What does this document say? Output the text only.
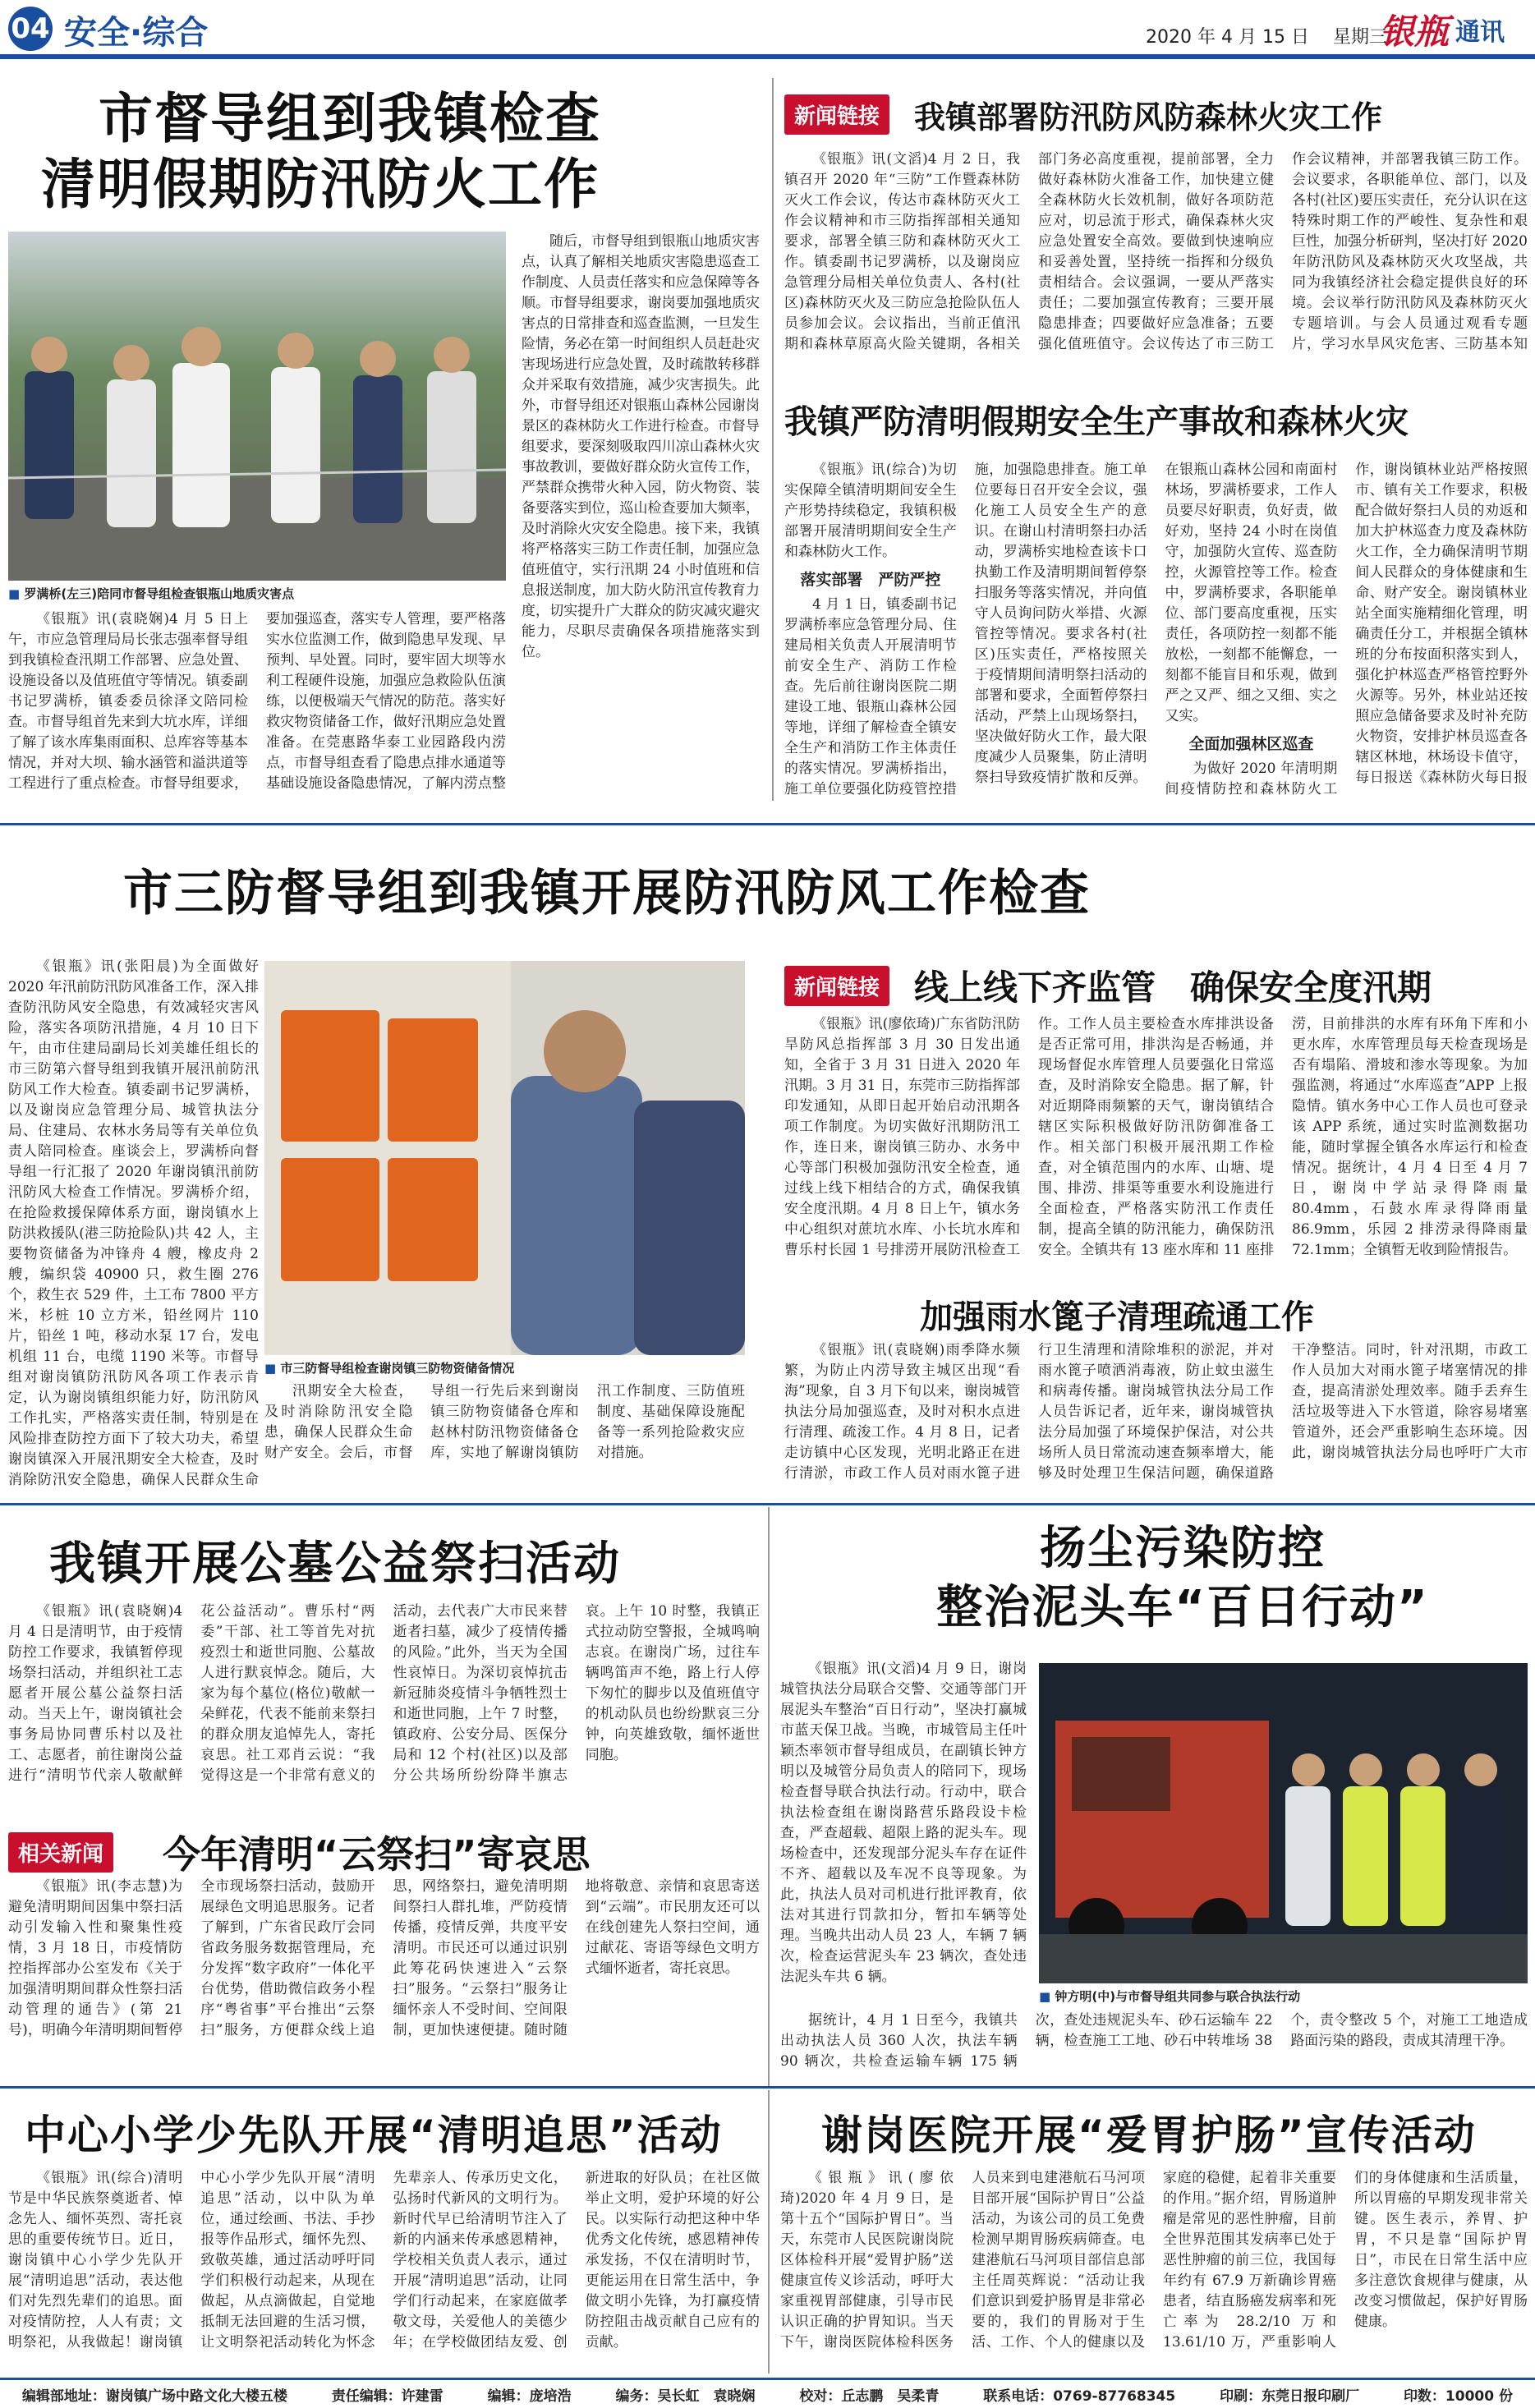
04 安全·综合	2020 年 4 月 15 日　 星期三
银瓶 通讯
市督导组到我镇检查
清明假期防汛防火工作
■ 罗满桥(左三)陪同市督导组检查银瓶山地质灾害点

《银瓶》讯(袁晓娴)4 月 5 日上午，市应急管理局局长张志强率督导组到我镇检查汛期工作部署、应急处置、设施设备以及值班值守等情况。镇委副书记罗满桥，镇委委员徐泽文陪同检查。市督导组首先来到大坑水库，详细了解了该水库集雨面积、总库容等基本情况，并对大坝、输水涵管和溢洪道等工程进行了重点检查。市督导组要求，要加强巡查，落实专人管理，要严格落实水位监测工作，做到隐患早发现、早预判、早处置。同时，要牢固大坝等水利工程硬件设施，加强应急救险队伍演练，以便极端天气情况的防范。落实好救灾物资储备工作，做好汛期应急处置准备。在莞惠路华泰工业园路段内涝点，市督导组查看了隐患点排水通道等基础设施设备隐患情况，了解内涝点整

随后，市督导组到银瓶山地质灾害点，认真了解相关地质灾害隐患巡查工作制度、人员责任落实和应急保障等各顺。市督导组要求，谢岗要加强地质灾害点的日常排查和巡查监测，一旦发生险情，务必在第一时间组织人员赶赴灾害现场进行应急处置，及时疏散转移群众并采取有效措施，减少灾害损失。此外，市督导组还对银瓶山森林公园谢岗景区的森林防火工作进行检查。市督导组要求，要深刻吸取四川凉山森林火灾事故教训，要做好群众防火宣传工作，严禁群众携带火种入园，防火物资、装备要落实到位，巡山检查要加大频率，及时消除火灾安全隐患。接下来，我镇将严格落实三防工作责任制，加强应急值班值守，实行汛期 24 小时值班和信息报送制度，加大防火防汛宣传教育力度，切实提升广大群众的防灾减灾避灾能力，尽职尽责确保各项措施落实到位。

新闻链接	我镇部署防汛防风防森林火灾工作

《银瓶》讯(文滔)4 月 2 日，我镇召开 2020 年“三防”工作暨森林防灭火工作会议，传达市森林防灭火工作会议精神和市三防指挥部相关通知要求，部署全镇三防和森林防灭火工作。镇委副书记罗满桥，以及谢岗应急管理分局相关单位负责人、各村(社区)森林防灭火及三防应急抢险队伍人员参加会议。会议指出，当前正值汛期和森林草原高火险关键期，各相关部门务必高度重视，提前部署，全力做好森林防火准备工作，加快建立健全森林防火长效机制，做好各项防范应对，切忌流于形式，确保森林火灾应急处置安全高效。要做到快速响应和妥善处置，坚持统一指挥和分级负责相结合。会议强调，一要从严落实责任；二要加强宣传教育；三要开展隐患排查；四要做好应急准备；五要强化值班值守。会议传达了市三防工作会议精神，并部署我镇三防工作。会议要求，各职能单位、部门，以及各村(社区)要压实责任，充分认识在这特殊时期工作的严峻性、复杂性和艰巨性，加强分析研判，坚决打好 2020 年防汛防风及森林防灭火攻坚战，共同为我镇经济社会稳定提供良好的环境。会议举行防汛防风及森林防灭火专题培训。与会人员通过观看专题片，学习水旱风灾危害、三防基本知

我镇严防清明假期安全生产事故和森林火灾

《银瓶》讯(综合)为切实保障全镇清明期间安全生产形势持续稳定，我镇积极部署开展清明期间安全生产和森林防火工作。

落实部署　严防严控

4 月 1 日，镇委副书记罗满桥率应急管理分局、住建局相关负责人开展清明节前安全生产、消防工作检查。先后前往谢岗医院二期建设工地、银瓶山森林公园等地，详细了解检查全镇安全生产和消防工作主体责任的落实情况。罗满桥指出，施工单位要强化防疫管控措施，加强隐患排查。施工单位要每日召开安全会议，强化施工人员安全生产的意识。在谢山村清明祭扫办活动，罗满桥实地检查该卡口执勤工作及清明期间暂停祭扫服务等落实情况，并向值守人员询问防火举措、火源管控等情况。要求各村(社区)压实责任，严格按照关于疫情期间清明祭扫活动的部署和要求，全面暂停祭扫活动，严禁上山现场祭扫，坚决做好防火工作，最大限度减少人员聚集，防止清明祭扫导致疫情扩散和反弹。在银瓶山森林公园和南面村林场，罗满桥要求，工作人员要尽好职责，负好责，做好劝，坚持 24 小时在岗值守，加强防火宣传、巡查防控，火源管控等工作。检查中，罗满桥要求，各职能单位、部门要高度重视，压实责任，各项防控一刻都不能放松，一刻都不能懈怠，一刻都不能盲目和乐观，做到严之又严、细之又细、实之又实。

全面加强林区巡查

为做好 2020 年清明期间疫情防控和森林防火工作，谢岗镇林业站严格按照市、镇有关工作要求，积极配合做好祭扫人员的劝返和加大护林巡查力度及森林防火工作，全力确保清明节期间人民群众的身体健康和生命、财产安全。谢岗镇林业站全面实施精细化管理，明确责任分工，并根据全镇林班的分布按面积落实到人，强化护林巡查严格管控野外火源等。另外，林业站还按照应急储备要求及时补充防火物资，安排护林员巡查各辖区林地，林场设卡值守，每日报送《森林防火每日报

市三防督导组到我镇开展防汛防风工作检查

《银瓶》讯(张阳晨)为全面做好 2020 年汛前防汛防风准备工作，深入排查防汛防风安全隐患，有效减轻灾害风险，落实各项防汛措施，4 月 10 日下午，由市住建局副局长刘美雄任组长的市三防第六督导组到我镇开展汛前防汛防风工作大检查。镇委副书记罗满桥，以及谢岗应急管理分局、城管执法分局、住建局、农林水务局等有关单位负责人陪同检查。座谈会上，罗满桥向督导组一行汇报了 2020 年谢岗镇汛前防汛防风大检查工作情况。罗满桥介绍，在抢险救援保障体系方面，谢岗镇水上防洪救援队(港三防抢险队)共 42 人，主要物资储备为冲锋舟 4 艘，橡皮舟 2 艘，编织袋 40900 只，救生圈 276 个，救生衣 529 件，土工布 7800 平方米，杉桩 10 立方米，铅丝网片 110 片，铅丝 1 吨，移动水泵 17 台，发电机组 11 台，电缆 1190 米等。市督导组对谢岗镇防汛防风各项工作表示肯定，认为谢岗镇组织能力好，防汛防风工作扎实，严格落实责任制，特别是在风险排查防控方面下了较大功夫，希望谢岗镇深入开展汛期安全大检查，及时消除防汛安全隐患，确保人民群众生命

■ 市三防督导组检查谢岗镇三防物资储备情况

汛期安全大检查，及时消除防汛安全隐患，确保人民群众生命财产安全。会后，市督导组一行先后来到谢岗镇三防物资储备仓库和赵林村防汛物资储备仓库，实地了解谢岗镇防汛工作制度、三防值班制度、基础保障设施配备等一系列抢险救灾应对措施。

新闻链接 线上线下齐监管　确保安全度汛期

《银瓶》讯(廖依琦)广东省防汛防旱防风总指挥部 3 月 30 日发出通知，全省于 3 月 31 日进入 2020 年汛期。3 月 31 日，东莞市三防指挥部印发通知，从即日起开始启动汛期各项工作制度。为切实做好汛期防汛工作，连日来，谢岗镇三防办、水务中心等部门积极加强防汛安全检查，通过线上线下相结合的方式，确保我镇安全度汛期。4 月 8 日上午，镇水务中心组织对蔗坑水库、小长坑水库和曹乐村长园 1 号排涝开展防汛检查工作。工作人员主要检查水库排洪设备是否正常可用，排洪沟是否畅通，并现场督促水库管理人员要强化日常巡查，及时消除安全隐患。据了解，针对近期降雨频繁的天气，谢岗镇结合辖区实际积极做好防汛防御准备工作。相关部门积极开展汛期工作检查，对全镇范围内的水库、山塘、堤围、排涝、排渠等重要水利设施进行全面检查，严格落实防汛工作责任制，提高全镇的防汛能力，确保防汛安全。全镇共有 13 座水库和 11 座排涝，目前排洪的水库有环角下库和小更水库，水库管理员每天检查现场是否有塌陷、滑坡和渗水等现象。为加强监测，将通过“水库巡查”APP 上报隐情。镇水务中心工作人员也可登录该 APP 系统，通过实时监测数据功能，随时掌握全镇各水库运行和检查情况。据统计，4 月 4 日至 4 月 7 日，谢岗中学站录得降雨量 80.4mm，石鼓水库录得降雨量 86.9mm，乐园 2 排涝录得降雨量 72.1mm；全镇暂无收到险情报告。

加强雨水篦子清理疏通工作

《银瓶》讯(袁晓娴)雨季降水频繁，为防止内涝导致主城区出现“看海”现象，自 3 月下旬以来，谢岗城管执法分局加强巡查，及时对积水点进行清理、疏浚工作。4 月 8 日，记者走访镇中心区发现，光明北路正在进行清淤，市政工作人员对雨水篦子进行卫生清理和清除堆积的淤泥，并对雨水篦子喷洒消毒液，防止蚊虫滋生和病毒传播。谢岗城管执法分局工作人员告诉记者，近年来，谢岗城管执法分局加强了环境保护保洁，对公共场所人员日常流动速查频率增大，能够及时处理卫生保洁问题，确保道路干净整洁。同时，针对汛期，市政工作人员加大对雨水篦子堵塞情况的排查，提高清淤处理效率。随手丢弃生活垃圾等进入下水管道，除容易堵塞管道外，还会严重影响生态环境。因此，谢岗城管执法分局也呼吁广大市

我镇开展公墓公益祭扫活动

《银瓶》讯(袁晓娴)4 月 4 日是清明节，由于疫情防控工作要求，我镇暂停现场祭扫活动，并组织社工志愿者开展公墓公益祭扫活动。当天上午，谢岗镇社会事务局协同曹乐村以及社工、志愿者，前往谢岗公益进行“清明节代亲人敬献鲜花公益活动”。曹乐村“两委”干部、社工等首先对抗疫烈士和逝世同胞、公墓故人进行默哀悼念。随后，大家为每个墓位(格位)敬献一朵鲜花，代表不能前来祭扫的群众朋友追悼先人，寄托哀思。社工邓肖云说：“我觉得这是一个非常有意义的活动，去代表广大市民来替逝者扫墓，减少了疫情传播的风险。”此外，当天为全国性哀悼日。为深切哀悼抗击新冠肺炎疫情斗争牺牲烈士和逝世同胞，上午 7 时整，镇政府、公安分局、医保分局和 12 个村(社区)以及部分公共场所纷纷降半旗志哀。上午 10 时整，我镇正式拉动防空警报，全城鸣响志哀。在谢岗广场，过往车辆鸣笛声不绝，路上行人停下匆忙的脚步以及值班值守的机动队员也纷纷默哀三分钟，向英雄致敬，缅怀逝世同胞。

相关新闻 今年清明“云祭扫”寄哀思

《银瓶》讯(李志慧)为避免清明期间因集中祭扫活动引发输入性和聚集性疫情，3 月 18 日，市疫情防控指挥部办公室发布《关于加强清明期间群众性祭扫活动管理的通告》(第 21 号)，明确今年清明期间暂停全市现场祭扫活动，鼓励开展绿色文明追思服务。记者了解到，广东省民政厅会同省政务服务数据管理局，充分发挥“数字政府”一体化平台优势，借助微信政务小程序“粤省事”平台推出“云祭扫”服务，方便群众线上追思，网络祭扫，避免清明期间祭扫人群扎堆，严防疫情传播，疫情反弹，共度平安清明。市民还可以通过识别此筹花码快速进入“云祭扫”服务。“云祭扫”服务让缅怀亲人不受时间、空间限制，更加快速便捷。随时随地将敬意、亲情和哀思寄送到“云端”。市民朋友还可以在线创建先人祭扫空间，通过献花、寄语等绿色文明方式缅怀逝者，寄托哀思。

扬尘污染防控
整治泥头车“百日行动”

《银瓶》讯(文滔)4 月 9 日，谢岗城管执法分局联合交警、交通等部门开展泥头车整治“百日行动”，坚决打赢城市蓝天保卫战。当晚，市城管局主任叶颖杰率领市督导组成员，在副镇长钟方明以及城管分局负责人的陪同下，现场检查督导联合执法行动。行动中，联合执法检查组在谢岗路营乐路段设卡检查，严查超载、超限上路的泥头车。现场检查中，还发现部分泥头车存在证件不齐、超载以及车况不良等现象。为此，执法人员对司机进行批评教育，依法对其进行罚款扣分，暂扣车辆等处理。当晚共出动人员 23 人，车辆 7 辆次，检查运营泥头车 23 辆次，查处违法泥头车共 6 辆。

■ 钟方明(中)与市督导组共同参与联合执法行动

据统计，4 月 1 日至今，我镇共出动执法人员 360 人次，执法车辆 90 辆次，共检查运输车辆 175 辆次，查处违规泥头车、砂石运输车 22 辆，检查施工工地、砂石中转堆场 38 个，责令整改 5 个，对施工工地造成路面污染的路段，责成其清理干净。

中心小学少先队开展“清明追思”活动

《银瓶》讯(综合)清明节是中华民族祭奠逝者、悼念先人、缅怀英烈、寄托哀思的重要传统节日。近日，谢岗镇中心小学少先队开展“清明追思”活动，表达他们对先烈先辈们的追思。面对疫情防控，人人有责；文明祭祀，从我做起！谢岗镇中心小学少先队开展“清明追思”活动，以中队为单位，通过绘画、书法、手抄报等作品形式，缅怀先烈、致敬英雄，通过活动呼吁同学们积极行动起来，从现在做起，从点滴做起，自觉地抵制无法回避的生活习惯，让文明祭祀活动转化为怀念先辈亲人、传承历史文化，弘扬时代新风的文明行为。新时代早已给清明节注入了新的内涵来传承感恩精神，学校相关负责人表示，通过开展“清明追思”活动，让同学们行动起来，在家庭做孝敬文母，关爱他人的美德少年；在学校做团结友爱、创新进取的好队员；在社区做举止文明，爱护环境的好公民。以实际行动把这种中华优秀文化传统，感恩精神传承发扬，不仅在清明时节，更能运用在日常生活中，争做文明小先锋，为打赢疫情防控阻击战贡献自己应有的贡献。

谢岗医院开展“爱胃护肠”宣传活动

《银瓶》讯(廖依琦)2020 年 4 月 9 日，是第十五个“国际护胃日”。当天，东莞市人民医院谢岗院区体检科开展“爱胃护肠”送健康宣传义诊活动，呼吁大家重视胃部健康，引导市民认识正确的护胃知识。当天下午，谢岗医院体检科医务人员来到电建港航石马河项目部开展“国际护胃日”公益活动，为该公司的员工免费检测早期胃肠疾病筛查。电建港航石马河项目部信息部主任周英辉说：“活动让我们意识到爱护肠胃是非常必要的，我们的胃肠对于生活、工作、个人的健康以及家庭的稳健，起着非关重要的作用。”据介绍，胃肠道肿瘤是常见的恶性肿瘤，目前全世界范围其发病率已处于恶性肿瘤的前三位，我国每年约有 67.9 万新确诊胃癌患者，结直肠癌发病率和死亡率为 28.2/10 万和 13.61/10 万，严重影响人们的身体健康和生活质量，所以胃癌的早期发现非常关键。医生表示，养胃、护胃，不只是靠“国际护胃日”，市民在日常生活中应多注意饮食规律与健康，从改变习惯做起，保护好胃肠健康。

编辑部地址：谢岗镇广场中路文化大楼五楼	责任编辑：许建雷	编辑：庞培浩	编务：吴长虹　袁晓娴	校对：丘志鹏　吴柔青	联系电话：0769-87768345	印刷：东莞日报印刷厂	印数：10000 份
